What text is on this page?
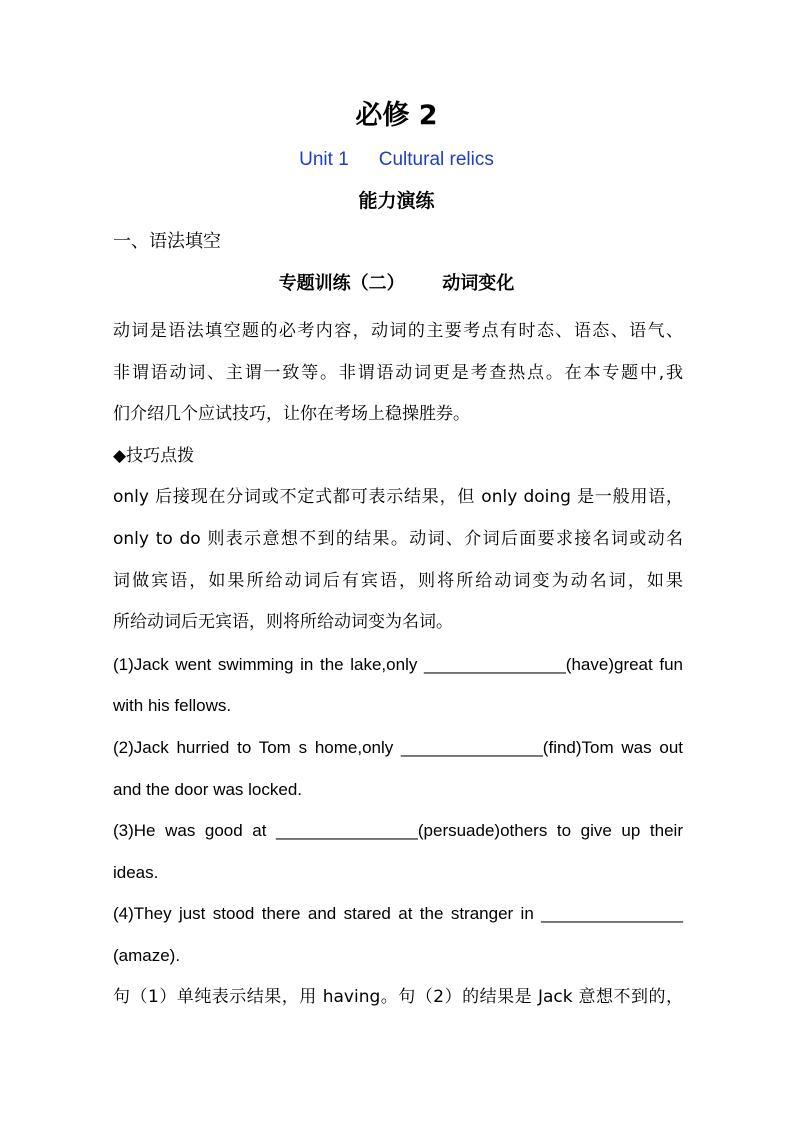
必修 2
Unit 1 Cultural relics
能力演练
一、语法填空
专题训练（二） 动词变化

动词是语法填空题的必考内容，动词的主要考点有时态、语态、语气、

非谓语动词、主谓一致等。非谓语动词更是考查热点。在本专题中,我

们介绍几个应试技巧，让你在考场上稳操胜券。

◆技巧点拨

only 后接现在分词或不定式都可表示结果，但 only doing 是一般用语，

only to do 则表示意想不到的结果。动词、介词后面要求接名词或动名

词做宾语，如果所给动词后有宾语，则将所给动词变为动名词，如果

所给动词后无宾语，则将所给动词变为名词。

(1)Jack went swimming in the lake,only _______________(have)great fun

with his fellows.

(2)Jack hurried to Tom s home,only _______________(find)Tom was out

and the door was locked.

(3)He was good at _______________(persuade)others to give up their

ideas.

(4)They just stood there and stared at the stranger in _______________

(amaze).

句（1）单纯表示结果，用 having。句（2）的结果是 Jack 意想不到的，
